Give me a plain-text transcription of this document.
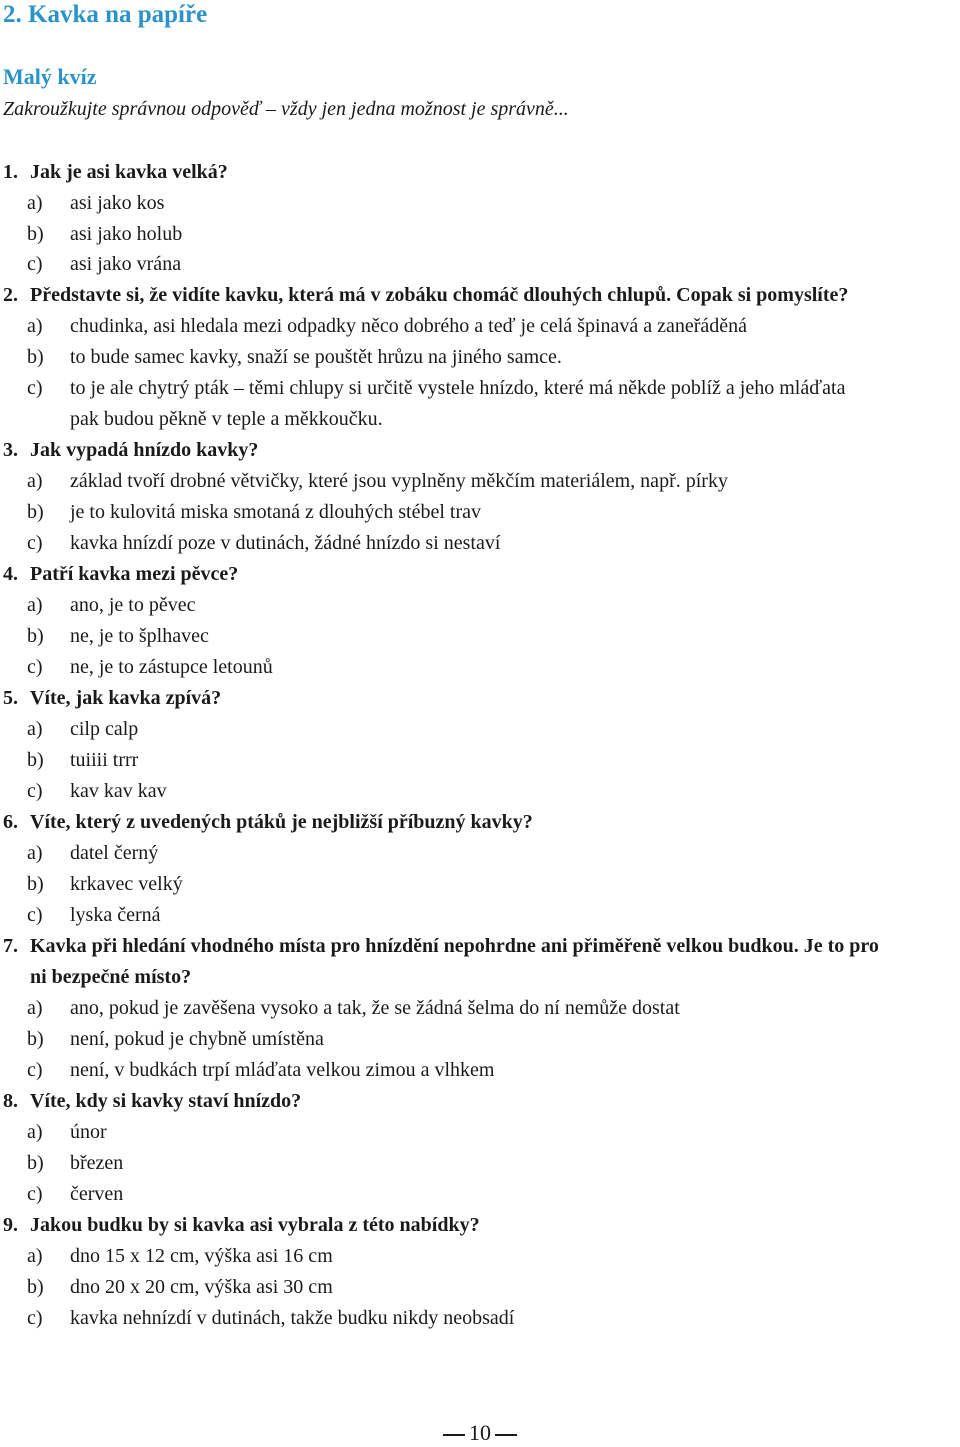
2. Kavka na papíře
Malý kvíz
Zakroužkujte správnou odpověď – vždy jen jedna možnost je správně...
1. Jak je asi kavka velká?
a) asi jako kos
b) asi jako holub
c) asi jako vrána
2. Představte si, že vidíte kavku, která má v zobáku chomáč dlouhých chlupů. Copak si pomyslíte?
a) chudinka, asi hledala mezi odpadky něco dobrého a teď je celá špinavá a zaneřáděná
b) to bude samec kavky, snaží se pouštět hrůzu na jiného samce.
c) to je ale chytrý pták – těmi chlupy si určitě vystele hnízdo, které má někde poblíž a jeho mláďata
pak budou pěkně v teple a měkkoučku.
3. Jak vypadá hnízdo kavky?
a) základ tvoří drobné větvičky, které jsou vyplněny měkčím materiálem, např. pírky
b) je to kulovitá miska smotaná z dlouhých stébel trav
c) kavka hnízdí poze v dutinách, žádné hnízdo si nestaví
4. Patří kavka mezi pěvce?
a) ano, je to pěvec
b) ne, je to šplhavec
c) ne, je to zástupce letounů
5. Víte, jak kavka zpívá?
a) cilp calp
b) tuiiii trrr
c) kav kav kav
6. Víte, který z uvedených ptáků je nejbližší příbuzný kavky?
a) datel černý
b) krkavec velký
c) lyska černá
7. Kavka při hledání vhodného místa pro hnízdění nepohrdne ani přiměřeně velkou budkou. Je to pro
ni bezpečné místo?
a) ano, pokud je zavěšena vysoko a tak, že se žádná šelma do ní nemůže dostat
b) není, pokud je chybně umístěna
c) není, v budkách trpí mláďata velkou zimou a vlhkem
8. Víte, kdy si kavky staví hnízdo?
a) únor
b) březen
c) červen
9. Jakou budku by si kavka asi vybrala z této nabídky?
a) dno 15 x 12 cm, výška asi 16 cm
b) dno 20 x 20 cm, výška asi 30 cm
c) kavka nehnízdí v dutinách, takže budku nikdy neobsadí
10
